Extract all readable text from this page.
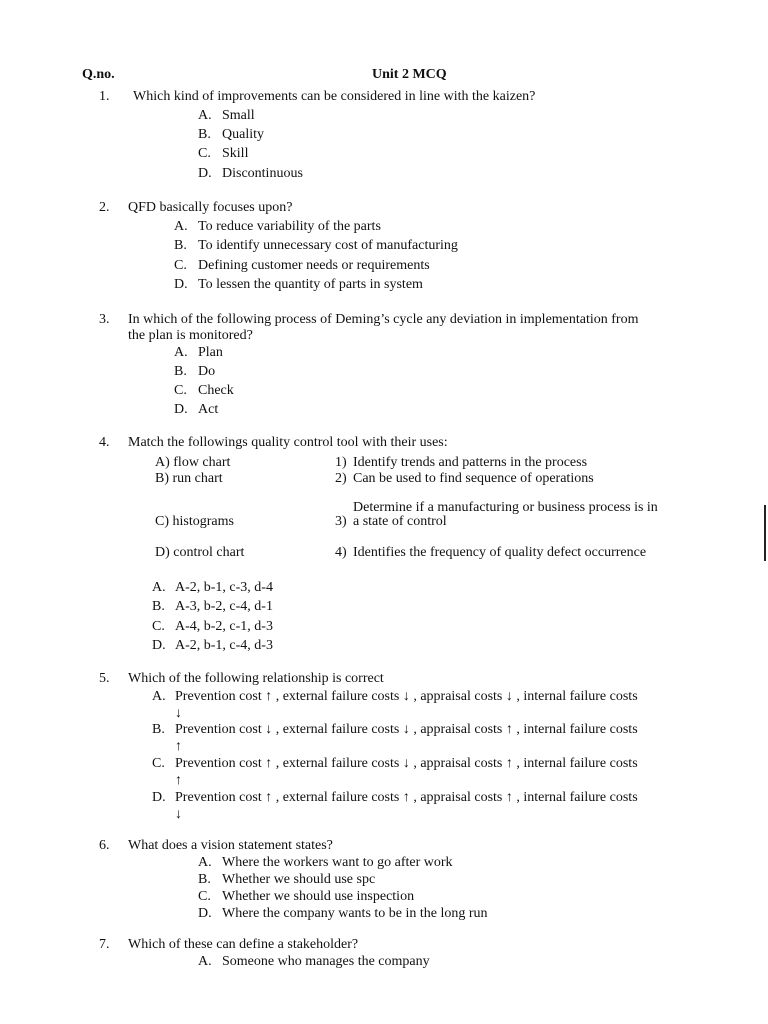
Q.no.	Unit 2 MCQ
1. Which kind of improvements can be considered in line with the kaizen?
A. Small
B. Quality
C. Skill
D. Discontinuous
2. QFD basically focuses upon?
A. To reduce variability of the parts
B. To identify unnecessary cost of manufacturing
C. Defining customer needs or requirements
D. To lessen the quantity of parts in system
3. In which of the following process of Deming’s cycle any deviation in implementation from
the plan is monitored?
A. Plan
B. Do
C. Check
D. Act
4. Match the followings quality control tool with their uses:
A) flow chart
B) run chart
C) histograms
D) control chart
1) Identify trends and patterns in the process
2) Can be used to find sequence of operations
Determine if a manufacturing or business process is in
3) a state of control
4) Identifies the frequency of quality defect occurrence
A. A-2, b-1, c-3, d-4
B. A-3, b-2, c-4, d-1
C. A-4, b-2, c-1, d-3
D. A-2, b-1, c-4, d-3
5. Which of the following relationship is correct
A. Prevention cost ↑ , external failure costs ↓ , appraisal costs ↓ , internal failure costs
↓
B. Prevention cost ↓ , external failure costs ↓ , appraisal costs ↑ , internal failure costs
↑
C. Prevention cost ↑ , external failure costs ↓ , appraisal costs ↑ , internal failure costs
↑
D. Prevention cost ↑ , external failure costs ↑ , appraisal costs ↑ , internal failure costs
↓
6. What does a vision statement states?
A. Where the workers want to go after work
B. Whether we should use spc
C. Whether we should use inspection
D. Where the company wants to be in the long run
7. Which of these can define a stakeholder?
A. Someone who manages the company
